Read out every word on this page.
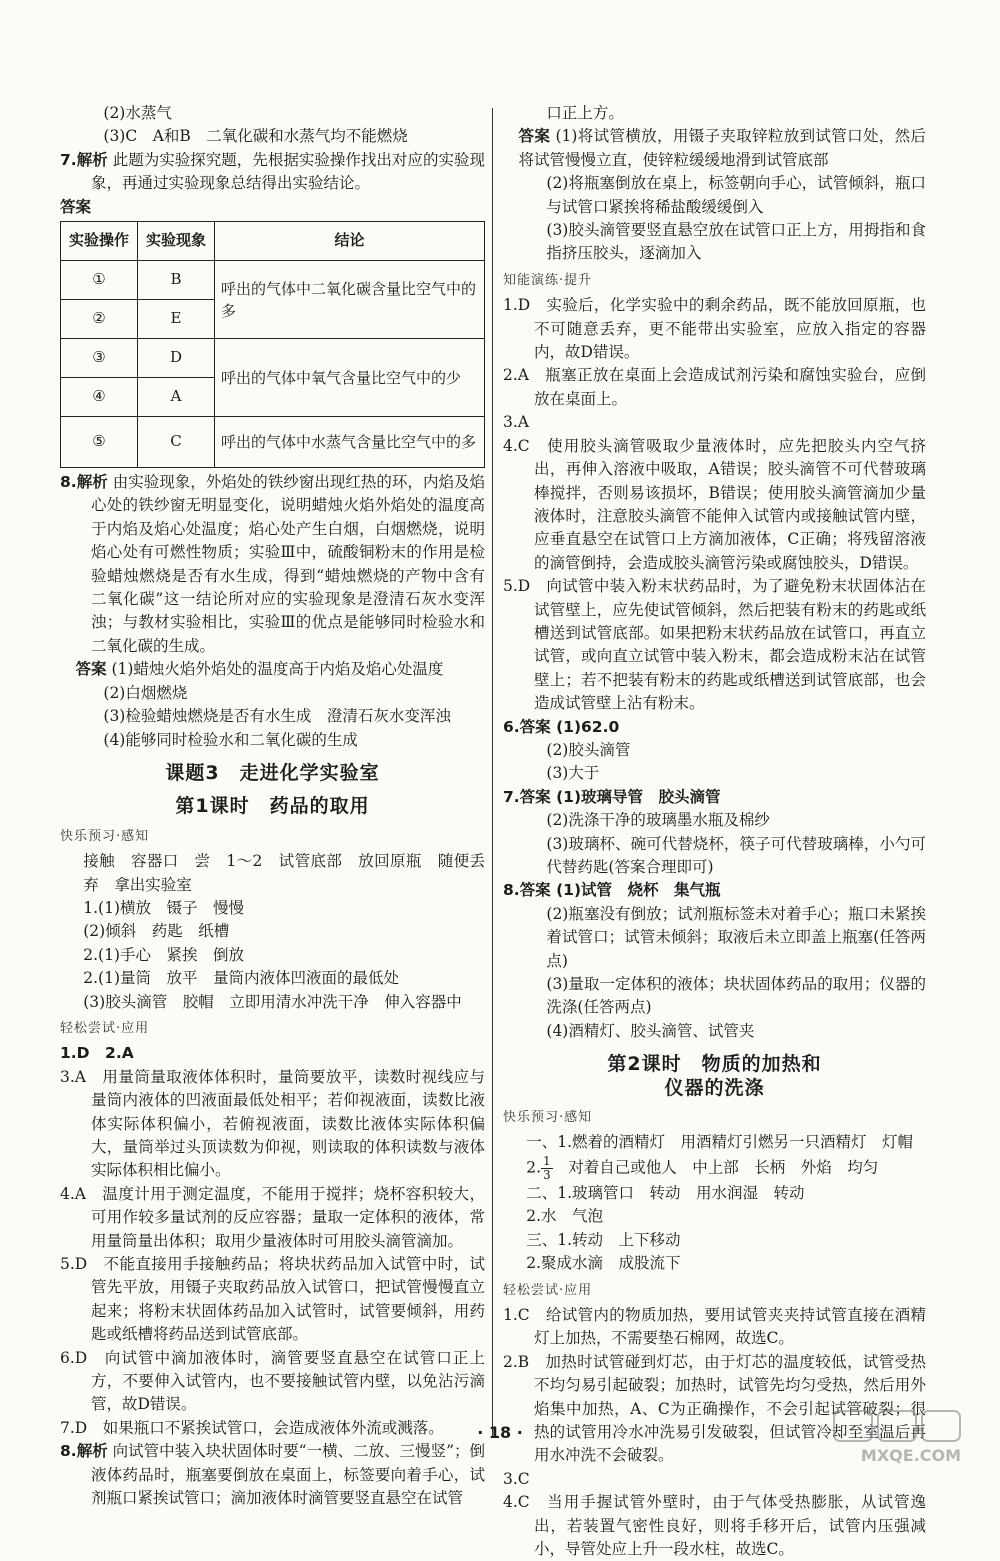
(2)水蒸气

(3)C　A和B　二氧化碳和水蒸气均不能燃烧

7.解析 此题为实验探究题，先根据实验操作找出对应的实验现象，再通过实验现象总结得出实验结论。

答案

实验操作	实验现象	结论
①	B	呼出的气体中二氧化碳含量比空气中的多
②	E	
③	D	呼出的气体中氧气含量比空气中的少
④	A	
⑤	C	呼出的气体中水蒸气含量比空气中的多

8.解析 由实验现象，外焰处的铁纱窗出现红热的环，内焰及焰心处的铁纱窗无明显变化，说明蜡烛火焰外焰处的温度高于内焰及焰心处温度；焰心处产生白烟，白烟燃烧，说明焰心处有可燃性物质；实验Ⅲ中，硫酸铜粉末的作用是检验蜡烛燃烧是否有水生成，得到“蜡烛燃烧的产物中含有二氧化碳”这一结论所对应的实验现象是澄清石灰水变浑浊；与教材实验相比，实验Ⅲ的优点是能够同时检验水和二氧化碳的生成。

答案 (1)蜡烛火焰外焰处的温度高于内焰及焰心处温度

(2)白烟燃烧

(3)检验蜡烛燃烧是否有水生成　澄清石灰水变浑浊

(4)能够同时检验水和二氧化碳的生成

课题3　走进化学实验室
第1课时　药品的取用
快乐预习·感知

接触　容器口　尝　1～2　试管底部　放回原瓶　随便丢弃　拿出实验室

1.(1)横放　镊子　慢慢

(2)倾斜　药匙　纸槽

2.(1)手心　紧挨　倒放

2.(1)量筒　放平　量筒内液体凹液面的最低处

(3)胶头滴管　胶帽　立即用清水冲洗干净　伸入容器中

轻松尝试·应用

1.D　2.A

3.A　用量筒量取液体体积时，量筒要放平，读数时视线应与量筒内液体的凹液面最低处相平；若仰视液面，读数比液体实际体积偏小，若俯视液面，读数比液体实际体积偏大，量筒举过头顶读数为仰视，则读取的体积读数与液体实际体积相比偏小。

4.A　温度计用于测定温度，不能用于搅拌；烧杯容积较大，可用作较多量试剂的反应容器；量取一定体积的液体，常用量筒量出体积；取用少量液体时可用胶头滴管滴加。

5.D　不能直接用手接触药品；将块状药品加入试管中时，试管先平放，用镊子夹取药品放入试管口，把试管慢慢直立起来；将粉末状固体药品加入试管时，试管要倾斜，用药匙或纸槽将药品送到试管底部。

6.D　向试管中滴加液体时，滴管要竖直悬空在试管口正上方，不要伸入试管内，也不要接触试管内壁，以免沾污滴管，故D错误。

7.D　如果瓶口不紧挨试管口，会造成液体外流或溅落。

8.解析 向试管中装入块状固体时要“一横、二放、三慢竖”；倒液体药品时，瓶塞要倒放在桌面上，标签要向着手心，试剂瓶口紧挨试管口；滴加液体时滴管要竖直悬空在试管

口正上方。

答案 (1)将试管横放，用镊子夹取锌粒放到试管口处，然后将试管慢慢立直，使锌粒缓缓地滑到试管底部

(2)将瓶塞倒放在桌上，标签朝向手心，试管倾斜，瓶口与试管口紧挨将稀盐酸缓缓倒入

(3)胶头滴管要竖直悬空放在试管口正上方，用拇指和食指挤压胶头，逐滴加入

知能演练·提升

1.D　实验后，化学实验中的剩余药品，既不能放回原瓶，也不可随意丢弃，更不能带出实验室，应放入指定的容器内，故D错误。

2.A　瓶塞正放在桌面上会造成试剂污染和腐蚀实验台，应倒放在桌面上。

3.A

4.C　使用胶头滴管吸取少量液体时，应先把胶头内空气挤出，再伸入溶液中吸取，A错误；胶头滴管不可代替玻璃棒搅拌，否则易该损坏，B错误；使用胶头滴管滴加少量液体时，注意胶头滴管不能伸入试管内或接触试管内壁，应垂直悬空在试管口上方滴加液体，C正确；将残留溶液的滴管倒持，会造成胶头滴管污染或腐蚀胶头，D错误。

5.D　向试管中装入粉末状药品时，为了避免粉末状固体沾在试管壁上，应先使试管倾斜，然后把装有粉末的药匙或纸槽送到试管底部。如果把粉末状药品放在试管口，再直立试管，或向直立试管中装入粉末，都会造成粉末沾在试管壁上；若不把装有粉末的药匙或纸槽送到试管底部，也会造成试管壁上沾有粉末。

6.答案 (1)62.0

(2)胶头滴管

(3)大于

7.答案 (1)玻璃导管　胶头滴管

(2)洗涤干净的玻璃墨水瓶及棉纱

(3)玻璃杯、碗可代替烧杯，筷子可代替玻璃棒，小勺可代替药匙(答案合理即可)

8.答案 (1)试管　烧杯　集气瓶

(2)瓶塞没有倒放；试剂瓶标签未对着手心；瓶口未紧挨着试管口；试管未倾斜；取液后未立即盖上瓶塞(任答两点)

(3)量取一定体积的液体；块状固体药品的取用；仪器的洗涤(任答两点)

(4)酒精灯、胶头滴管、试管夹

第2课时　物质的加热和
仪器的洗涤
快乐预习·感知

一、1.燃着的酒精灯　用酒精灯引燃另一只酒精灯　灯帽

2. $\frac{1}{3}$　对着自己或他人　中上部　长柄　外焰　均匀

二、1.玻璃管口　转动　用水润湿　转动

2.水　气泡

三、1.转动　上下移动

2.聚成水滴　成股流下

轻松尝试·应用

1.C　给试管内的物质加热，要用试管夹夹持试管直接在酒精灯上加热，不需要垫石棉网，故选C。

2.B　加热时试管碰到灯芯，由于灯芯的温度较低，试管受热不均匀易引起破裂；加热时，试管先均匀受热，然后用外焰集中加热，A、C为正确操作，不会引起试管破裂；很热的试管用冷水冲洗易引发破裂，但试管冷却至室温后再用水冲洗不会破裂。

3.C

4.C　当用手握试管外壁时，由于气体受热膨胀，从试管逸出，若装置气密性良好，则将手移开后，试管内压强减小，导管处应上升一段水柱，故选C。

· 18 ·
MXQE.COM
